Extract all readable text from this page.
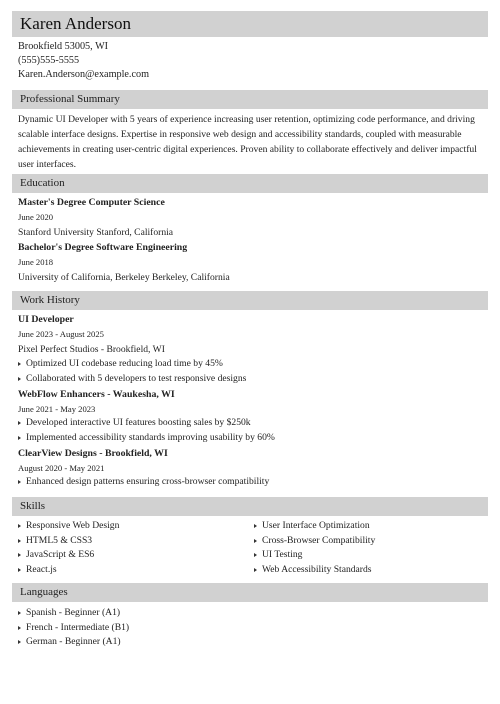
Karen Anderson
Brookfield 53005, WI
(555)555-5555
Karen.Anderson@example.com
Professional Summary
Dynamic UI Developer with 5 years of experience increasing user retention, optimizing code performance, and driving scalable interface designs. Expertise in responsive web design and accessibility standards, coupled with measurable achievements in creating user-centric digital experiences. Proven ability to collaborate effectively and deliver impactful user interfaces.
Education
Master's Degree Computer Science
June 2020
Stanford University Stanford, California
Bachelor's Degree Software Engineering
June 2018
University of California, Berkeley Berkeley, California
Work History
UI Developer
June 2023 - August 2025
Pixel Perfect Studios - Brookfield, WI
Optimized UI codebase reducing load time by 45%
Collaborated with 5 developers to test responsive designs
WebFlow Enhancers - Waukesha, WI
June 2021 - May 2023
Developed interactive UI features boosting sales by $250k
Implemented accessibility standards improving usability by 60%
ClearView Designs - Brookfield, WI
August 2020 - May 2021
Enhanced design patterns ensuring cross-browser compatibility
Skills
Responsive Web Design
HTML5 & CSS3
JavaScript & ES6
React.js
User Interface Optimization
Cross-Browser Compatibility
UI Testing
Web Accessibility Standards
Languages
Spanish - Beginner (A1)
French - Intermediate (B1)
German - Beginner (A1)
